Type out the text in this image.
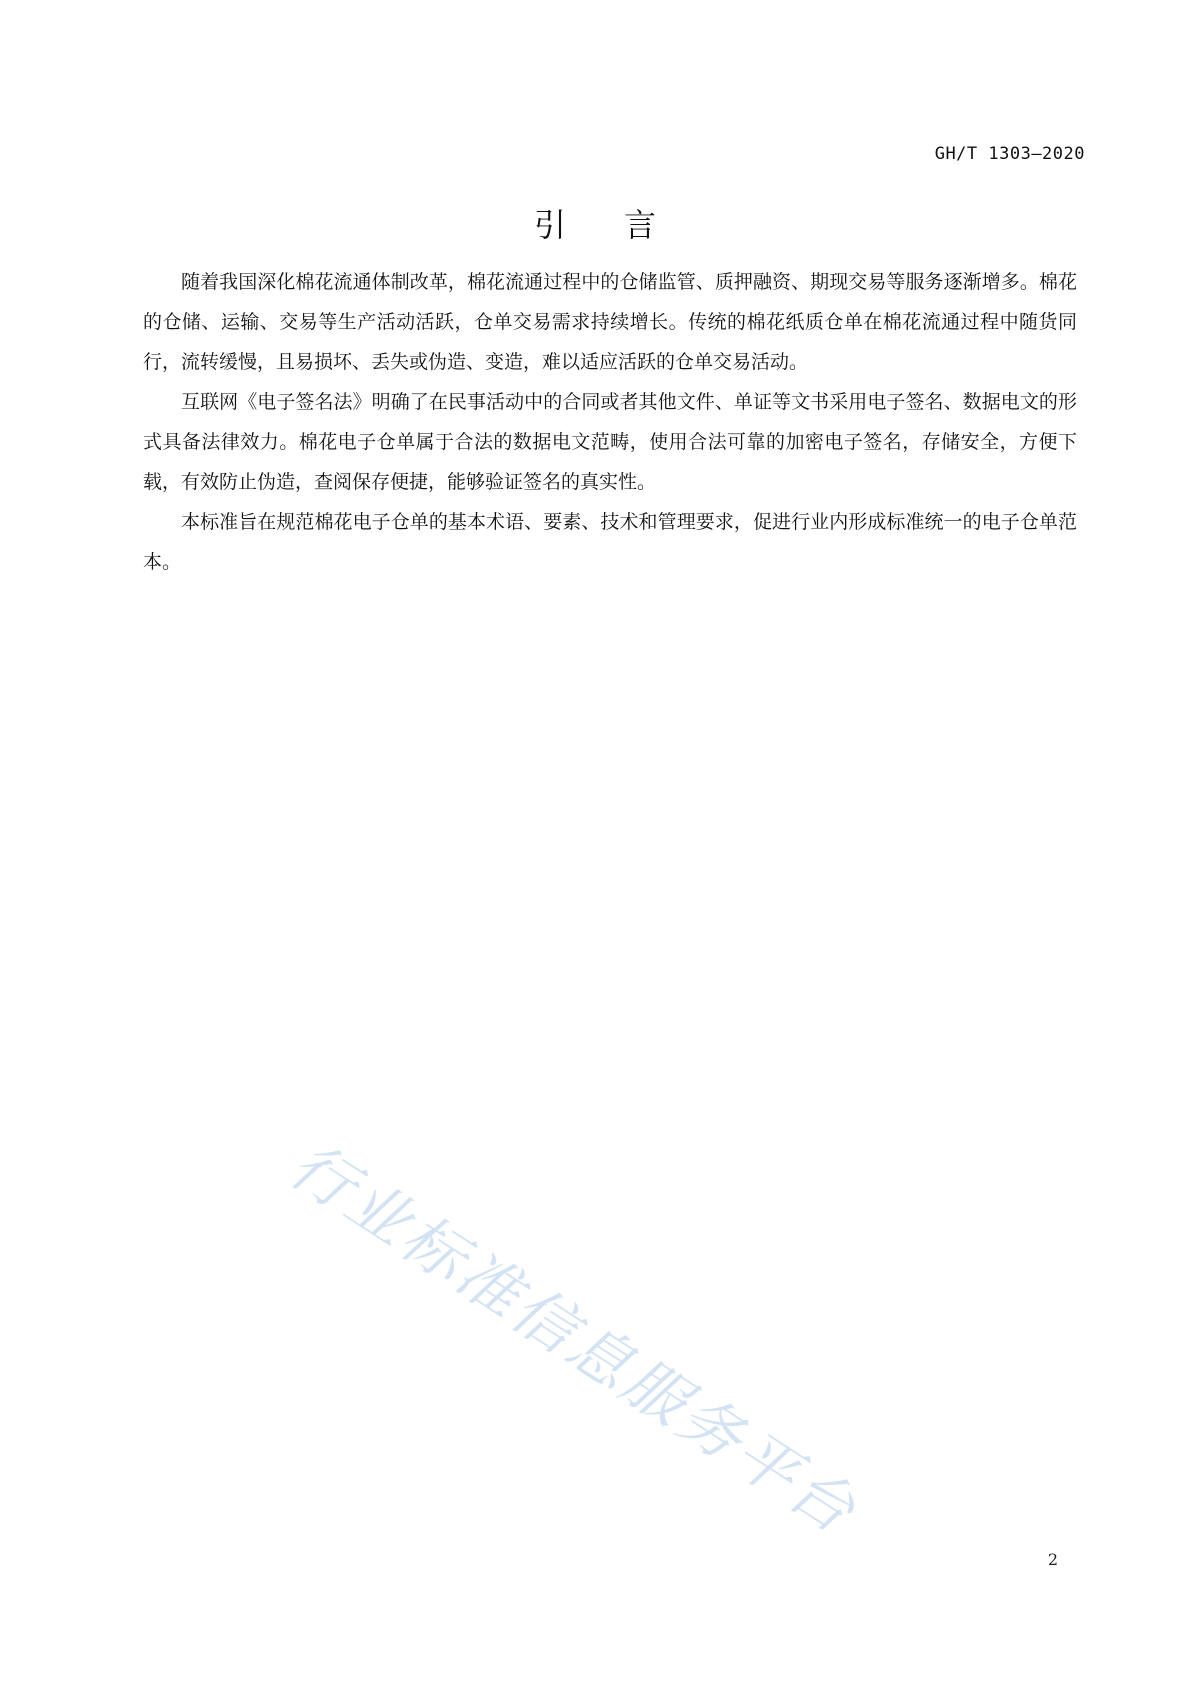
GH/T 1303—2020
引言

随着我国深化棉花流通体制改革，棉花流通过程中的仓储监管、质押融资、期现交易等服务逐渐增多。棉花的仓储、运输、交易等生产活动活跃，仓单交易需求持续增长。传统的棉花纸质仓单在棉花流通过程中随货同行，流转缓慢，且易损坏、丢失或伪造、变造，难以适应活跃的仓单交易活动。

互联网《电子签名法》明确了在民事活动中的合同或者其他文件、单证等文书采用电子签名、数据电文的形式具备法律效力。棉花电子仓单属于合法的数据电文范畴，使用合法可靠的加密电子签名，存储安全，方便下载，有效防止伪造，查阅保存便捷，能够验证签名的真实性。

本标准旨在规范棉花电子仓单的基本术语、要素、技术和管理要求，促进行业内形成标准统一的电子仓单范本。

行业标准信息服务平台
2
